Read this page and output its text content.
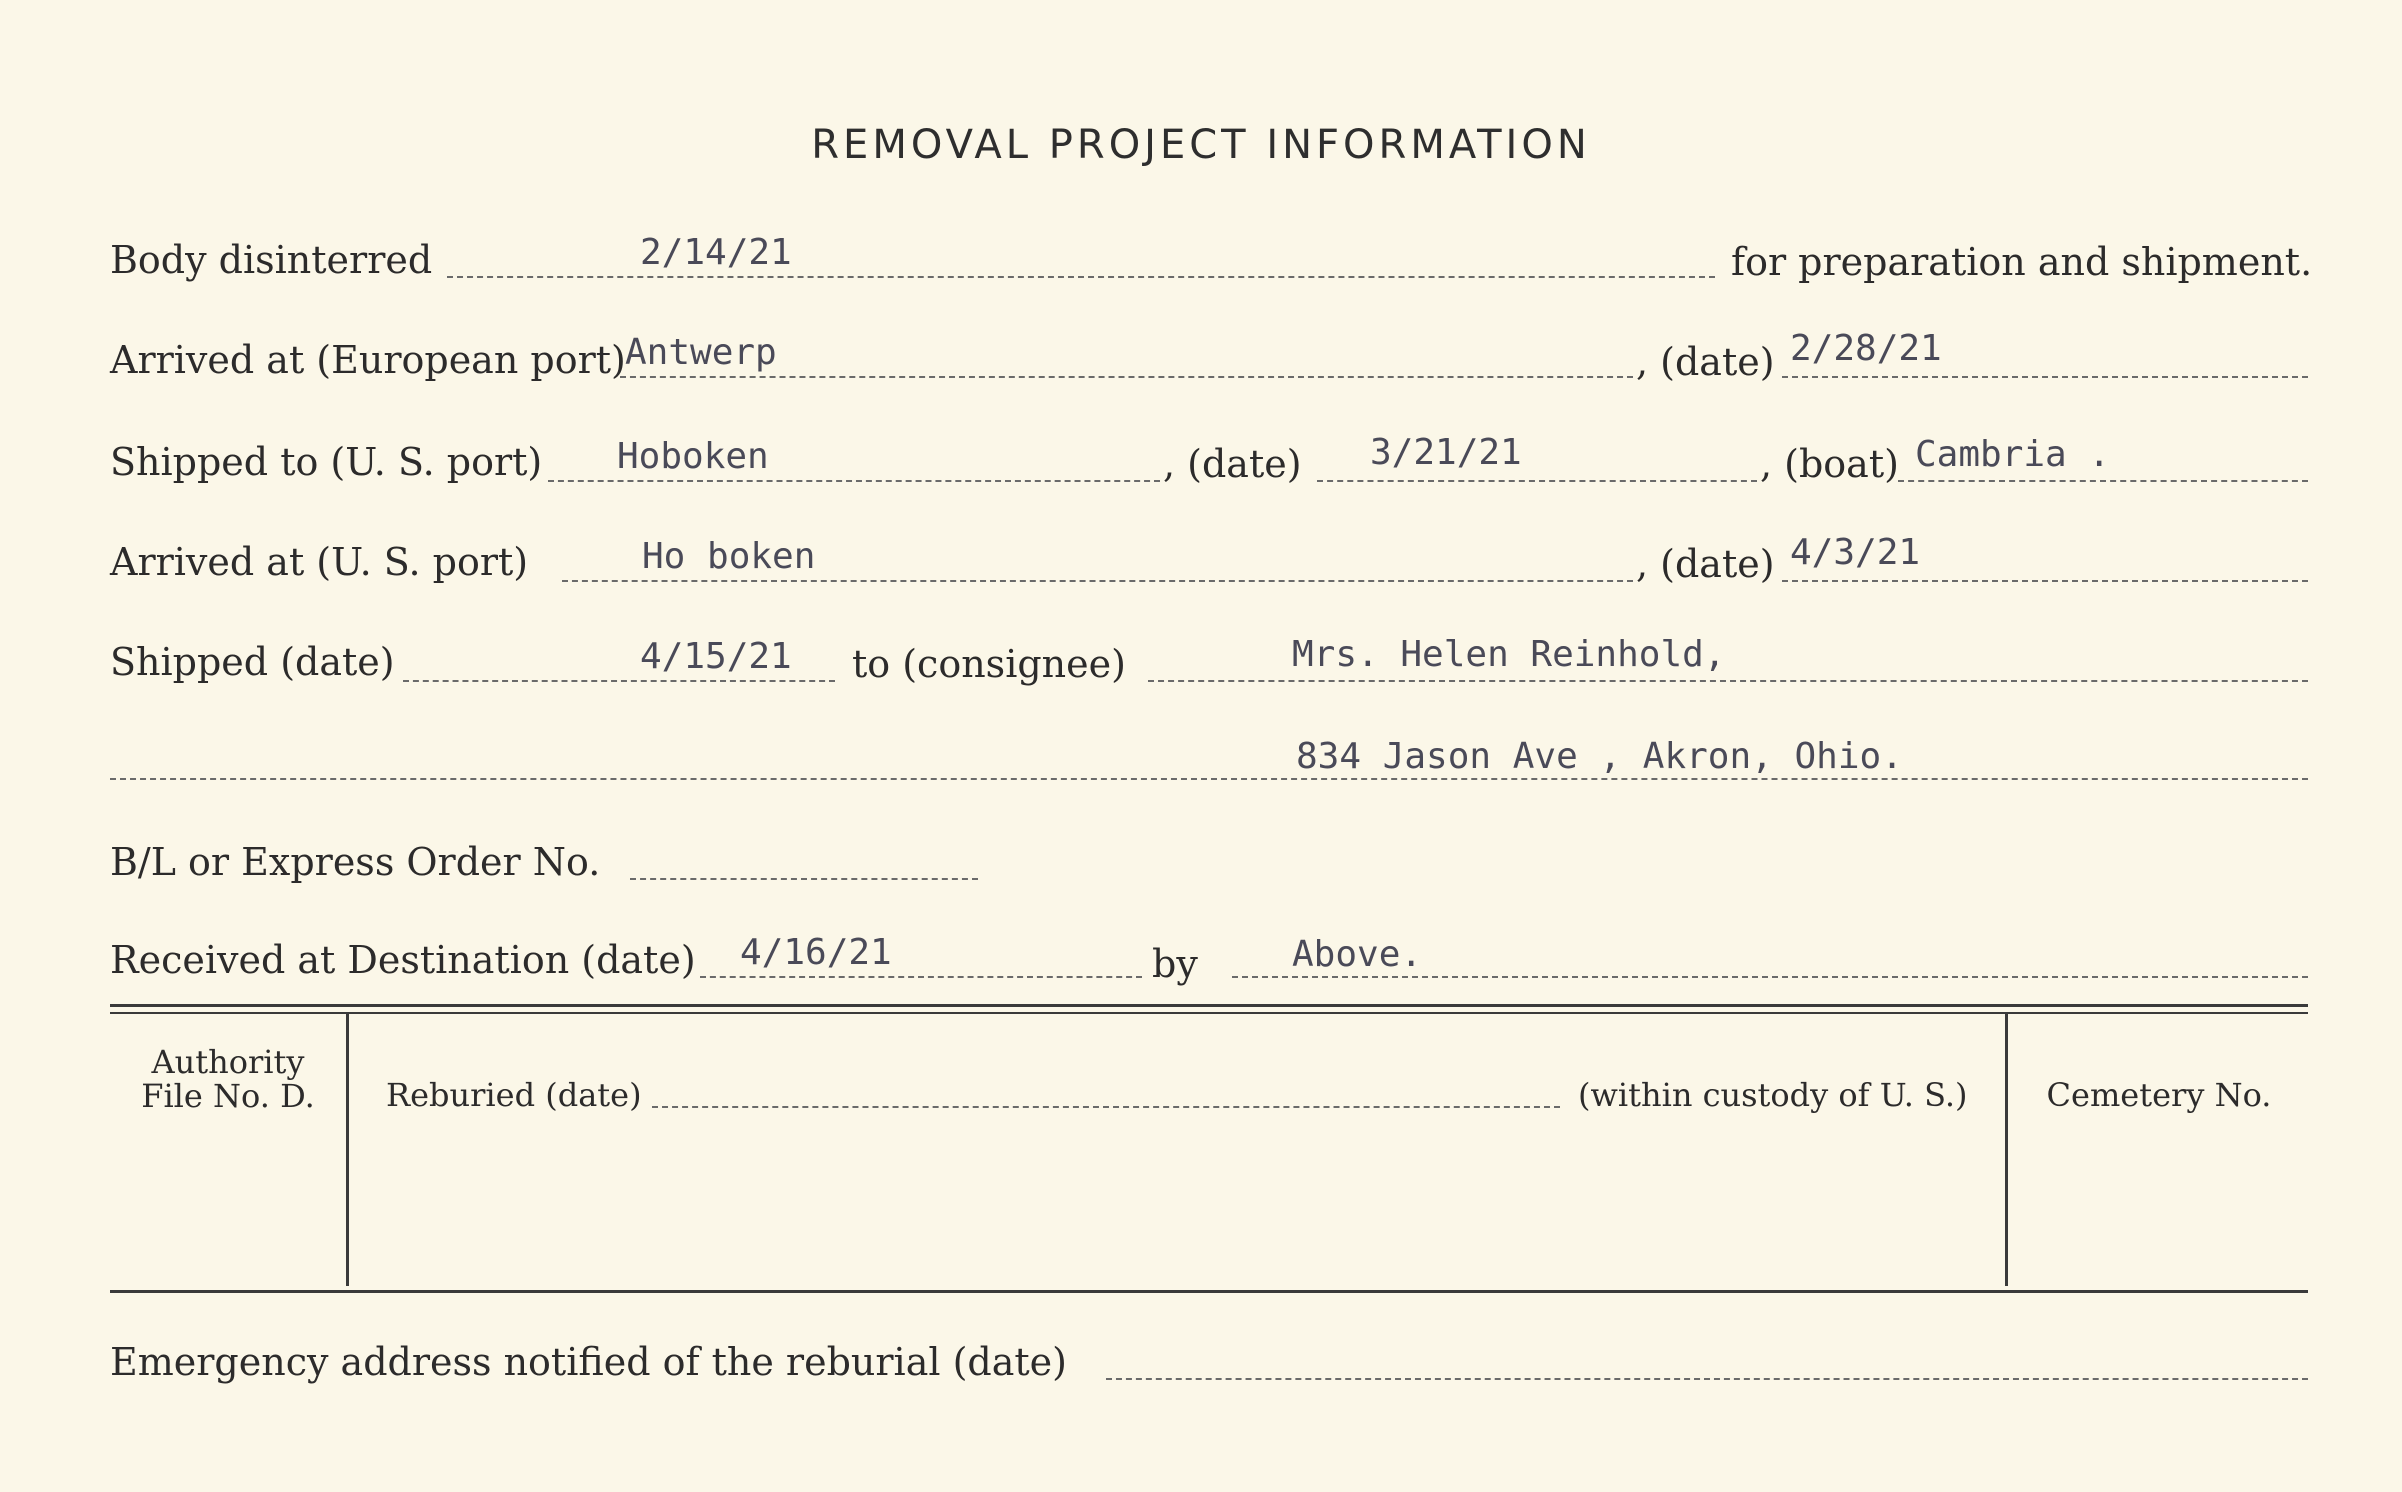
REMOVAL PROJECT INFORMATION
Body disinterred	2/14/21	for preparation and shipment.
Arrived at (European port) Antwerp	, (date) 2/28/21
Shipped to (U. S. port) Hoboken	, (date) 3/21/21	, (boat) Cambria .
Arrived at (U. S. port)	Ho boken	, (date) 4/3/21
Shipped (date)	4/15/21 to (consignee)	Mrs. Helen Reinhold,
834 Jason Ave , Akron, Ohio.
B/L or Express Order No.
Received at Destination (date) 4/16/21	by	Above.
Authority
File No. D.	Reburied (date)	(within custody of U. S.)	Cemetery No.
Emergency address notified of the reburial (date)
